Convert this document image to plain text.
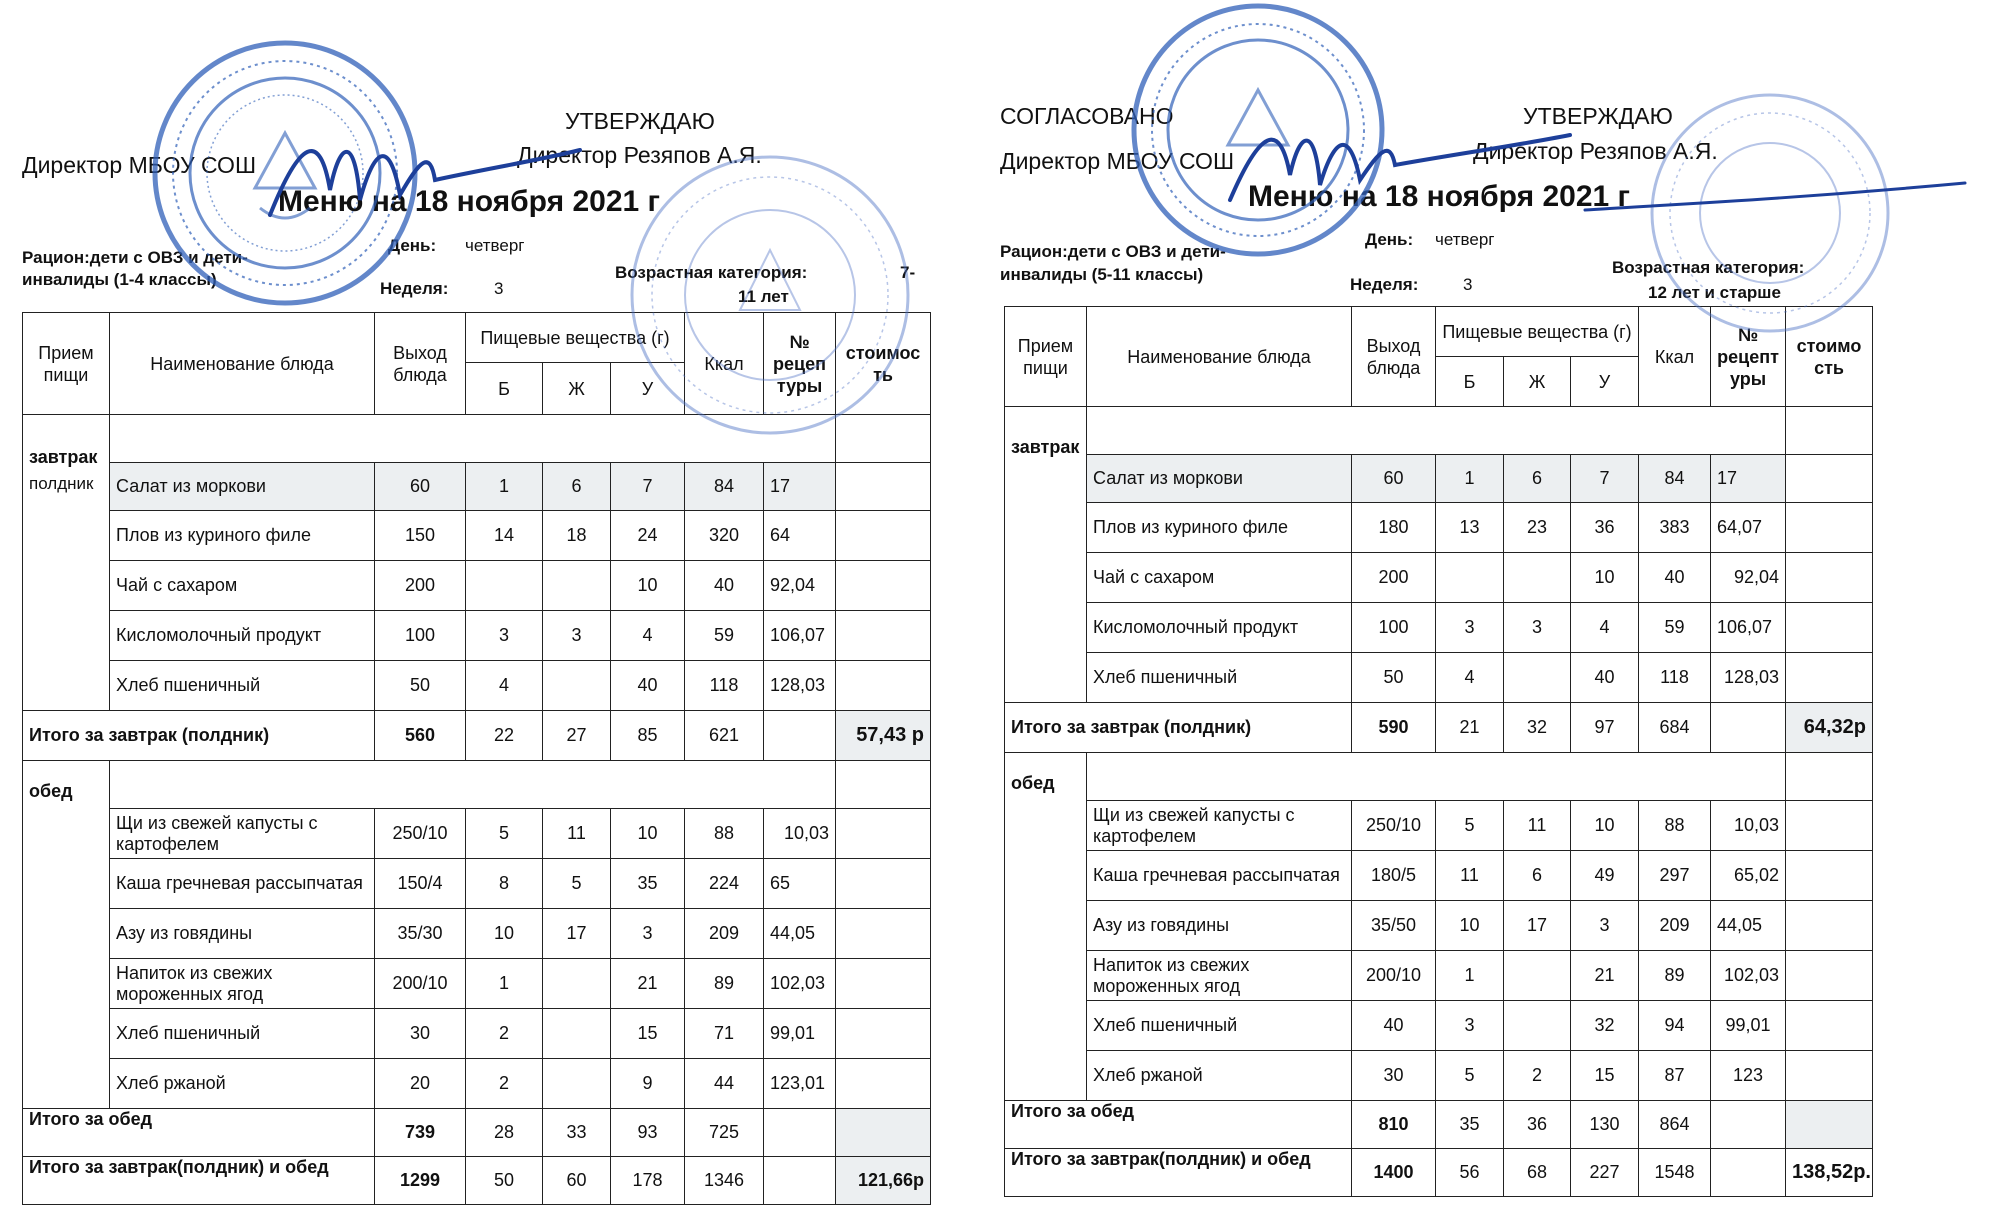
УТВЕРЖДАЮ
Директор МБОУ СОШ	Директор Резяпов А.Я.
Меню на 18 ноября 2021 г
Рацион:дети с ОВЗ и дети-
инвалиды (1-4 классы)
День: четверг
Неделя:	3
Возрастная категория:	7-
11 лет
Прием пищи	Наименование блюда	Выход блюда	Пищевые вещества (г)			Ккал	№ рецеп туры	стоимос ть
			Б	Ж	У			

завтрак
полдник								

	Салат из моркови	60	1	6	7	84	17	
	Плов из куриного филе	150	14	18	24	320	64	
	Чай с сахаром	200			10	40	92,04	
	Кисломолочный продукт	100	3	3	4	59	106,07	
	Хлеб пшеничный	50	4		40	118	128,03	
Итого за завтрак (полдник)		560	22	27	85	621		57,43 р
обед								
	Щи из свежей капусты с картофелем	250/10	5	11	10	88	10,03	
	Каша гречневая рассыпчатая	150/4	8	5	35	224	65	
	Азу из говядины	35/30	10	17	3	209	44,05	
	Напиток из свежих мороженных ягод	200/10	1		21	89	102,03	
	Хлеб пшеничный	30	2		15	71	99,01	
	Хлеб ржаной	20	2		9	44	123,01	
Итого за обед		739	28	33	93	725		
Итого за завтрак(полдник) и обед		1299	50	60	178	1346		121,66р
СОГЛАСОВАНО	УТВЕРЖДАЮ
Директор МБОУ СОШ	Директор Резяпов А.Я.
Меню на 18 ноября 2021 г
Рацион:дети с ОВЗ и дети-
инвалиды (5-11 классы)
День: четверг
Неделя:	3
Возрастная категория:
12 лет и старше
Прием пищи	Наименование блюда	Выход блюда	Пищевые вещества (г)			Ккал	№ рецепт уры	стоимо сть
			Б	Ж	У			
завтрак								
	Салат из моркови	60	1	6	7	84	17	
	Плов из куриного филе	180	13	23	36	383	64,07	
	Чай с сахаром	200			10	40	92,04	
	Кисломолочный продукт	100	3	3	4	59	106,07	
	Хлеб пшеничный	50	4		40	118	128,03	
Итого за завтрак (полдник)		590	21	32	97	684		64,32р
обед								
	Щи из свежей капусты с картофелем	250/10	5	11	10	88	10,03	
	Каша гречневая рассыпчатая	180/5	11	6	49	297	65,02	
	Азу из говядины	35/50	10	17	3	209	44,05	
	Напиток из свежих мороженных ягод	200/10	1		21	89	102,03	
	Хлеб пшеничный	40	3		32	94	99,01	
	Хлеб ржаной	30	5	2	15	87	123	
Итого за обед		810	35	36	130	864		
Итого за завтрак(полдник) и обед		1400	56	68	227	1548		138,52р.
